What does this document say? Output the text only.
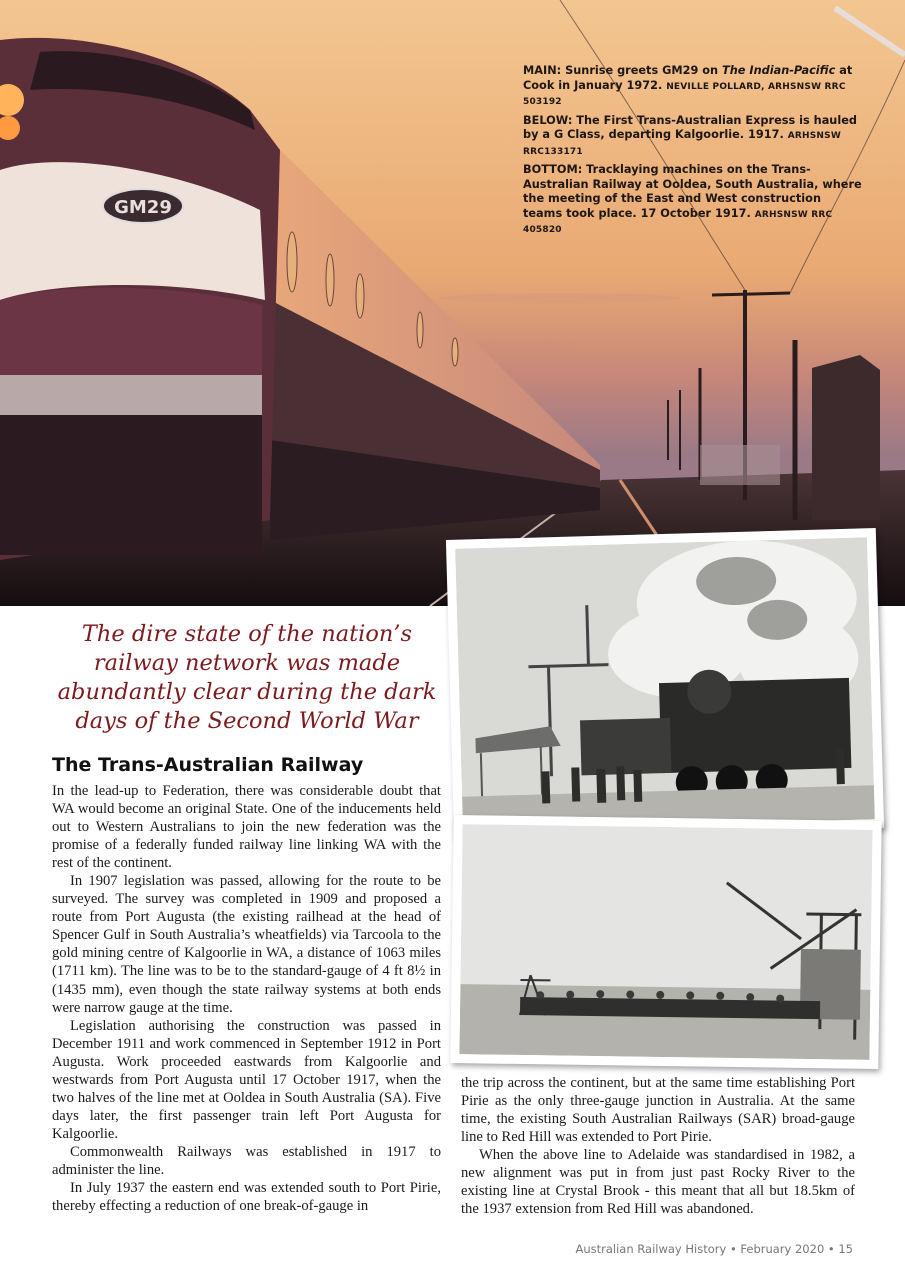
GM29

MAIN: Sunrise greets GM29 on The Indian-Pacific at Cook in January 1972. NEVILLE POLLARD, ARHSNSW RRC 503192

BELOW: The First Trans-Australian Express is hauled by a G Class, departing Kalgoorlie. 1917. ARHSNSW RRC133171

BOTTOM: Tracklaying machines on the Trans-Australian Railway at Ooldea, South Australia, where the meeting of the East and West construction teams took place. 17 October 1917. ARHSNSW RRC 405820

The dire state of the nation’s railway network was made abundantly clear during the dark days of the Second World War
The Trans-Australian Railway

In the lead-up to Federation, there was considerable doubt that WA would become an original State. One of the inducements held out to Western Australians to join the new federation was the promise of a federally funded railway line linking WA with the rest of the continent.

In 1907 legislation was passed, allowing for the route to be surveyed. The survey was completed in 1909 and proposed a route from Port Augusta (the existing railhead at the head of Spencer Gulf in South Australia’s wheatfields) via Tarcoola to the gold mining centre of Kalgoorlie in WA, a distance of 1063 miles (1711 km). The line was to be to the standard-gauge of 4 ft 8½ in (1435 mm), even though the state railway systems at both ends were narrow gauge at the time.

Legislation authorising the construction was passed in December 1911 and work commenced in September 1912 in Port Augusta. Work proceeded eastwards from Kalgoorlie and westwards from Port Augusta until 17 October 1917, when the two halves of the line met at Ooldea in South Australia (SA). Five days later, the first passenger train left Port Augusta for Kalgoorlie.

Commonwealth Railways was established in 1917 to administer the line.

In July 1937 the eastern end was extended south to Port Pirie, thereby effecting a reduction of one break-of-gauge in

the trip across the continent, but at the same time establishing Port Pirie as the only three-gauge junction in Australia. At the same time, the existing South Australian Railways (SAR) broad-gauge line to Red Hill was extended to Port Pirie.

When the above line to Adelaide was standardised in 1982, a new alignment was put in from just past Rocky River to the existing line at Crystal Brook - this meant that all but 18.5km of the 1937 extension from Red Hill was abandoned.

Australian Railway History • February 2020 • 15
